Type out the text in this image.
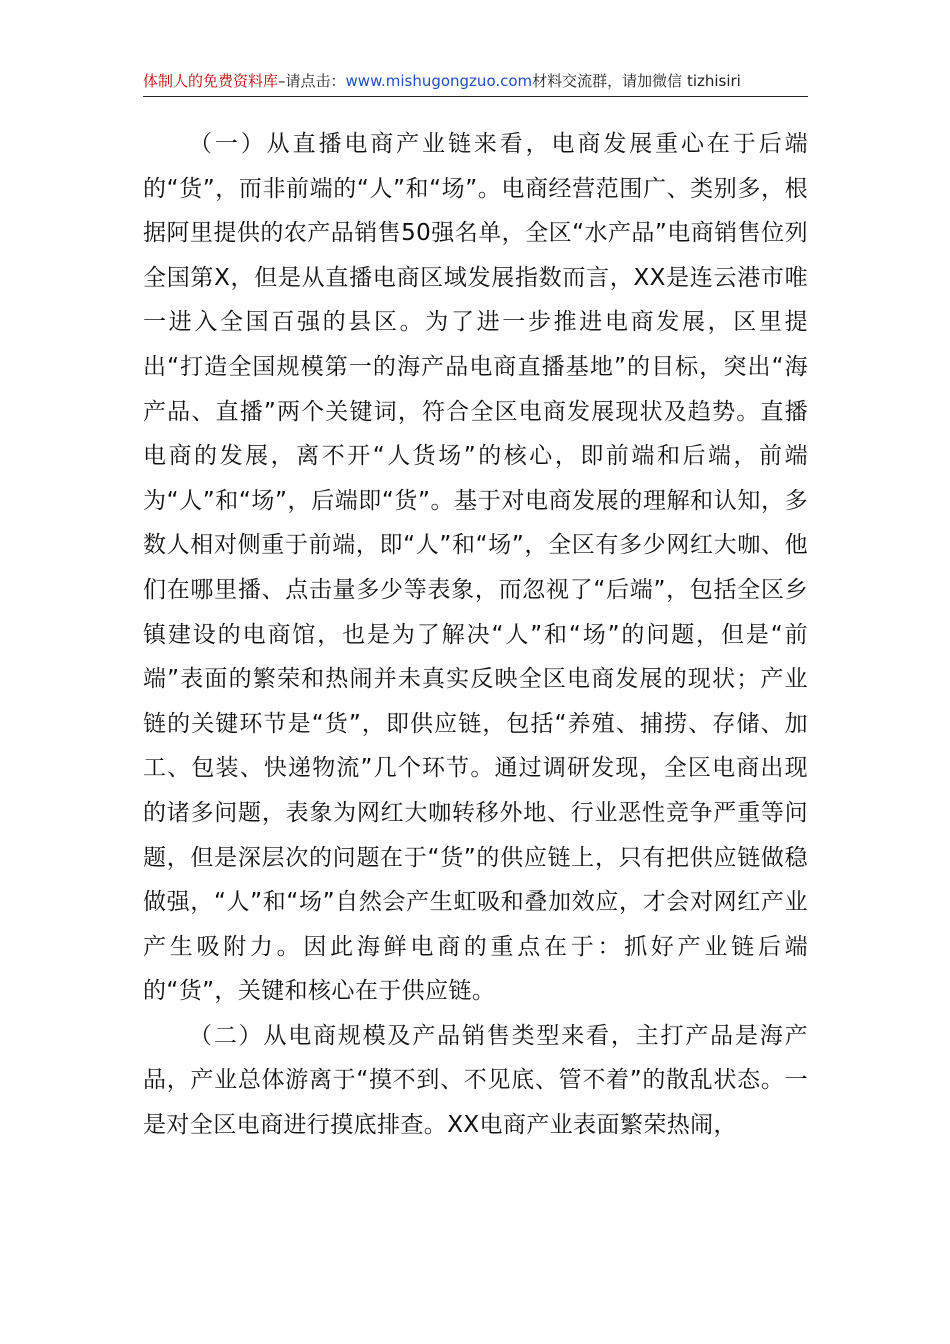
体制人的免费资料库–请点击：www.mishugongzuo.com材料交流群，请加微信 tizhisiri

（一）从直播电商产业链来看，电商发展重心在于后端的“货”，而非前端的“人”和“场”。电商经营范围广、类别多，根据阿里提供的农产品销售50强名单，全区“水产品”电商销售位列全国第X，但是从直播电商区域发展指数而言，XX是连云港市唯一进入全国百强的县区。为了进一步推进电商发展，区里提出“打造全国规模第一的海产品电商直播基地”的目标，突出“海产品、直播”两个关键词，符合全区电商发展现状及趋势。直播电商的发展，离不开“人货场”的核心，即前端和后端，前端为“人”和“场”，后端即“货”。基于对电商发展的理解和认知，多数人相对侧重于前端，即“人”和“场”，全区有多少网红大咖、他们在哪里播、点击量多少等表象，而忽视了“后端”，包括全区乡镇建设的电商馆，也是为了解决“人”和“场”的问题，但是“前端”表面的繁荣和热闹并未真实反映全区电商发展的现状；产业链的关键环节是“货”，即供应链，包括“养殖、捕捞、存储、加工、包装、快递物流”几个环节。通过调研发现，全区电商出现的诸多问题，表象为网红大咖转移外地、行业恶性竞争严重等问题，但是深层次的问题在于“货”的供应链上，只有把供应链做稳做强，“人”和“场”自然会产生虹吸和叠加效应，才会对网红产业产生吸附力。因此海鲜电商的重点在于：抓好产业链后端的“货”，关键和核心在于供应链。

（二）从电商规模及产品销售类型来看，主打产品是海产品，产业总体游离于“摸不到、不见底、管不着”的散乱状态。一是对全区电商进行摸底排查。XX电商产业表面繁荣热闹，
